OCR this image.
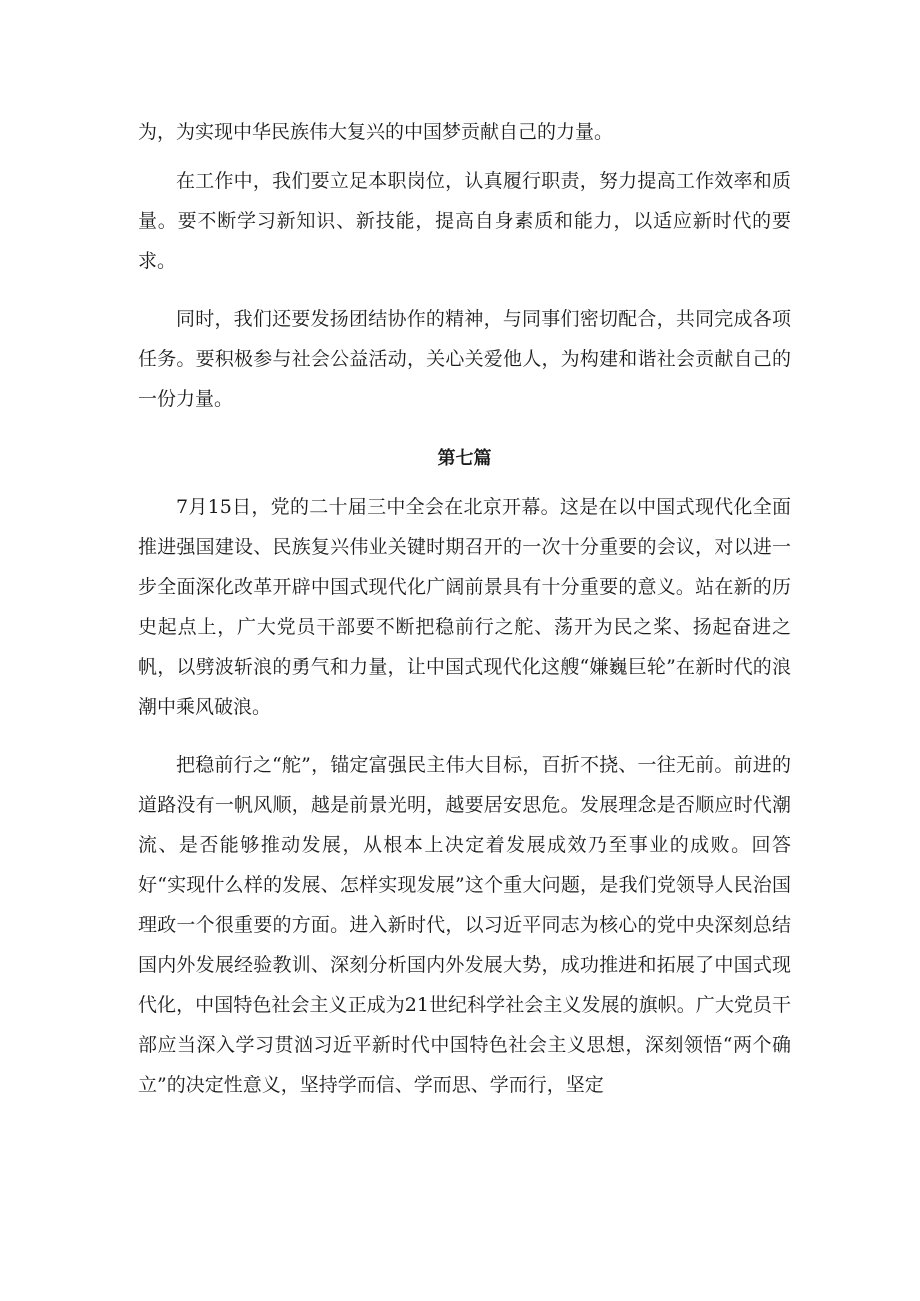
为，为实现中华民族伟大复兴的中国梦贡献自己的力量。

在工作中，我们要立足本职岗位，认真履行职责，努力提高工作效率和质量。要不断学习新知识、新技能，提高自身素质和能力，以适应新时代的要求。

同时，我们还要发扬团结协作的精神，与同事们密切配合，共同完成各项任务。要积极参与社会公益活动，关心关爱他人，为构建和谐社会贡献自己的一份力量。

第七篇

7月15日，党的二十届三中全会在北京开幕。这是在以中国式现代化全面推进强国建设、民族复兴伟业关键时期召开的一次十分重要的会议，对以进一步全面深化改革开辟中国式现代化广阔前景具有十分重要的意义。站在新的历史起点上，广大党员干部要不断把稳前行之舵、荡开为民之桨、扬起奋进之帆，以劈波斩浪的勇气和力量，让中国式现代化这艘“嫌巍巨轮”在新时代的浪潮中乘风破浪。

把稳前行之“舵”，锚定富强民主伟大目标，百折不挠、一往无前。前进的道路没有一帆风顺，越是前景光明，越要居安思危。发展理念是否顺应时代潮流、是否能够推动发展，从根本上决定着发展成效乃至事业的成败。回答好“实现什么样的发展、怎样实现发展”这个重大问题，是我们党领导人民治国理政一个很重要的方面。进入新时代，以习近平同志为核心的党中央深刻总结国内外发展经验教训、深刻分析国内外发展大势，成功推进和拓展了中国式现代化，中国特色社会主义正成为21世纪科学社会主义发展的旗帜。广大党员干部应当深入学习贯汹习近平新时代中国特色社会主义思想，深刻领悟“两个确立”的决定性意义，坚持学而信、学而思、学而行，坚定
